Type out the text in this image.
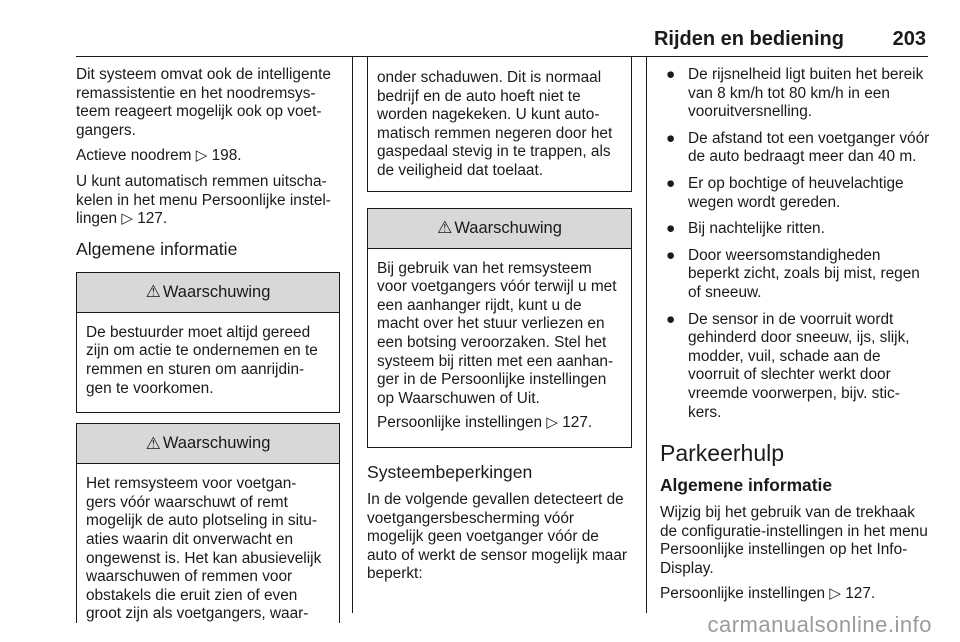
Rijden en bediening 203

Dit systeem omvat ook de intelligente remassistentie en het noodremsys- teem reageert mogelijk ook op voet- gangers.

Actieve noodrem ▷ 198.

U kunt automatisch remmen uitscha- kelen in het menu Persoonlijke instel- lingen ▷ 127.

Algemene informatie
⚠ Waarschuwing

De bestuurder moet altijd gereed zijn om actie te ondernemen en te remmen en sturen om aanrijdin- gen te voorkomen.

⚠ Waarschuwing

Het remsysteem voor voetgan- gers vóór waarschuwt of remt mogelijk de auto plotseling in situ- aties waarin dit onverwacht en ongewenst is. Het kan abusievelijk waarschuwen of remmen voor obstakels die eruit zien of even groot zijn als voetgangers, waar-

onder schaduwen. Dit is normaal bedrijf en de auto hoeft niet te worden nagekeken. U kunt auto- matisch remmen negeren door het gaspedaal stevig in te trappen, als de veiligheid dat toelaat.

⚠ Waarschuwing

Bij gebruik van het remsysteem voor voetgangers vóór terwijl u met een aanhanger rijdt, kunt u de macht over het stuur verliezen en een botsing veroorzaken. Stel het systeem bij ritten met een aanhan- ger in de Persoonlijke instellingen op Waarschuwen of Uit.

Persoonlijke instellingen ▷ 127.

Systeembeperkingen

In de volgende gevallen detecteert de voetgangersbescherming vóór mogelijk geen voetganger vóór de auto of werkt de sensor mogelijk maar beperkt:

● De rijsnelheid ligt buiten het bereik van 8 km/h tot 80 km/h in een vooruitversnelling.
● De afstand tot een voetganger vóór de auto bedraagt meer dan 40 m.
● Er op bochtige of heuvelachtige wegen wordt gereden.
● Bij nachtelijke ritten.
● Door weersomstandigheden beperkt zicht, zoals bij mist, regen of sneeuw.
● De sensor in de voorruit wordt gehinderd door sneeuw, ijs, slijk, modder, vuil, schade aan de voorruit of slechter werkt door vreemde voorwerpen, bijv. stic- kers.
Parkeerhulp
Algemene informatie

Wijzig bij het gebruik van de trekhaak de configuratie-instellingen in het menu Persoonlijke instellingen op het Info-Display.

Persoonlijke instellingen ▷ 127.

carmanualsonline.info
